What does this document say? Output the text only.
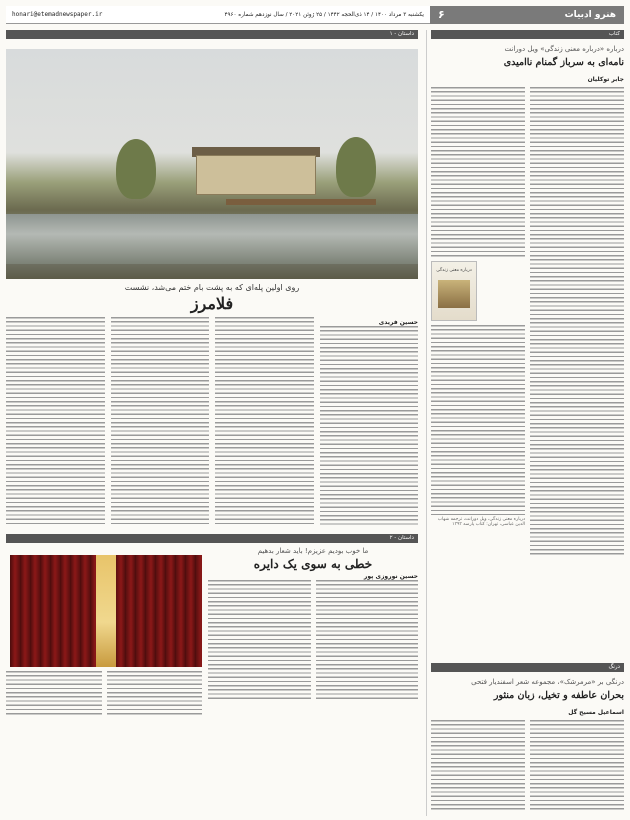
honari@etemadnewspaper.ir	یکشنبه ۳ مرداد ۱۴۰۰ / ۱۴ ذی‌الحجه ۱۴۴۲ / ۲۵ ژوئن ۲۰۲۱ / سال نوزدهم شماره ۴۹۶۰	هنرو ادبیات
۶
کتاب
درباره «درباره معنی زندگی» ویل دورانت
نامه‌ای به سرباز گمنام ناامیدی
جابر توکلیان
درباره معنی زندگی
درباره معنی زندگی، ویل دورانت، ترجمه شهاب الدین عباسی، تهران: کتاب پارسه ۱۳۹۳
درنگ
درنگی بر «مرمرشک»، مجموعه شعر اسفندیار فتحی
بحران عاطفه و تخیل، زبان منثور
اسماعیل مسیح گل
داستان - ۱
روی اولین پله‌ای که به پشت بام ختم می‌شد، نشست
فلامرز
حسین فریدی
داستان - ۲
ما خوب بودیم عزیزم! باید شعار بدهیم
خطی به سوی یک دایره
حسین نوروزی پور
